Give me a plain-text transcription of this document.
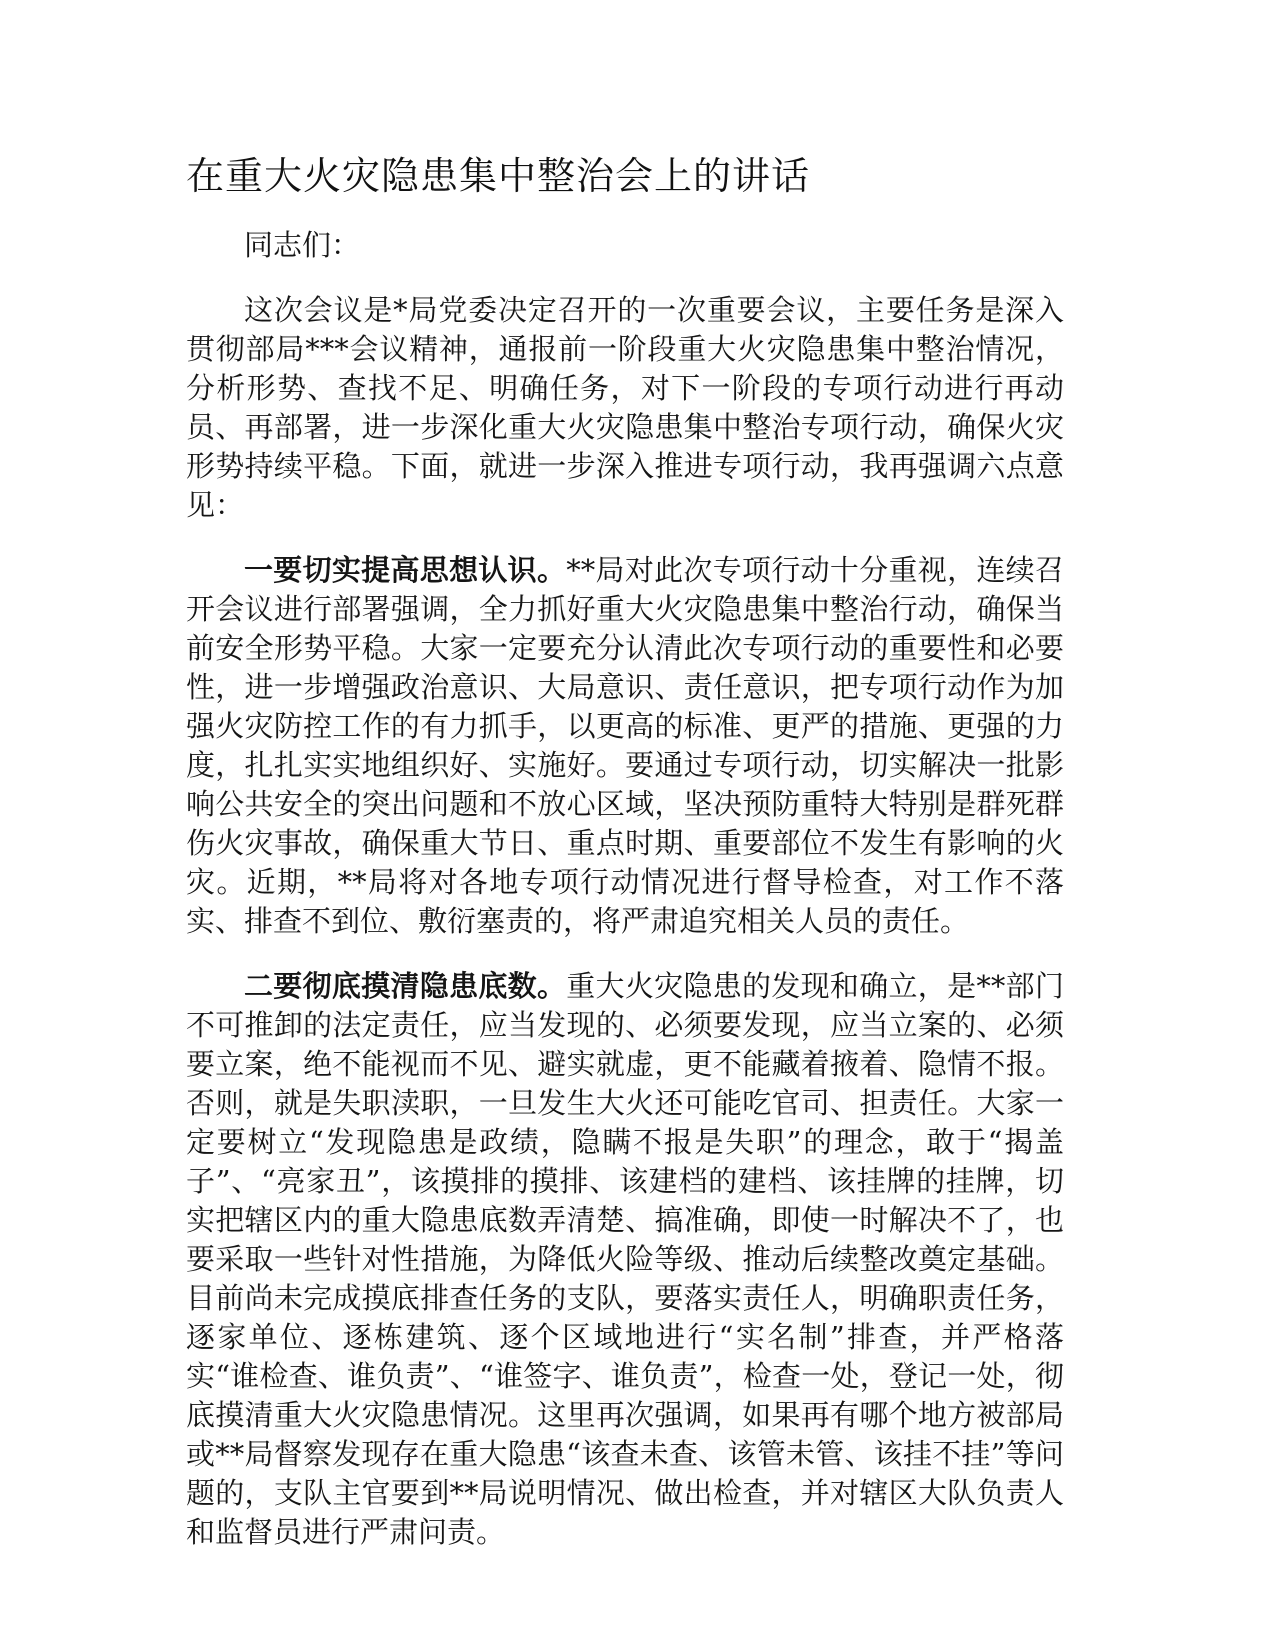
在重大火灾隐患集中整治会上的讲话

同志们：

这次会议是*局党委决定召开的一次重要会议，主要任务是深入贯彻部局***会议精神，通报前一阶段重大火灾隐患集中整治情况，分析形势、查找不足、明确任务，对下一阶段的专项行动进行再动员、再部署，进一步深化重大火灾隐患集中整治专项行动，确保火灾形势持续平稳。下面，就进一步深入推进专项行动，我再强调六点意见：

一要切实提高思想认识。**局对此次专项行动十分重视，连续召开会议进行部署强调，全力抓好重大火灾隐患集中整治行动，确保当前安全形势平稳。大家一定要充分认清此次专项行动的重要性和必要性，进一步增强政治意识、大局意识、责任意识，把专项行动作为加强火灾防控工作的有力抓手，以更高的标准、更严的措施、更强的力度，扎扎实实地组织好、实施好。要通过专项行动，切实解决一批影响公共安全的突出问题和不放心区域，坚决预防重特大特别是群死群伤火灾事故，确保重大节日、重点时期、重要部位不发生有影响的火灾。近期，**局将对各地专项行动情况进行督导检查，对工作不落实、排查不到位、敷衍塞责的，将严肃追究相关人员的责任。

二要彻底摸清隐患底数。重大火灾隐患的发现和确立，是**部门不可推卸的法定责任，应当发现的、必须要发现，应当立案的、必须要立案，绝不能视而不见、避实就虚，更不能藏着掖着、隐情不报。否则，就是失职渎职，一旦发生大火还可能吃官司、担责任。大家一定要树立“发现隐患是政绩，隐瞒不报是失职”的理念，敢于“揭盖子”、“亮家丑”，该摸排的摸排、该建档的建档、该挂牌的挂牌，切实把辖区内的重大隐患底数弄清楚、搞准确，即使一时解决不了，也要采取一些针对性措施，为降低火险等级、推动后续整改奠定基础。目前尚未完成摸底排查任务的支队，要落实责任人，明确职责任务，逐家单位、逐栋建筑、逐个区域地进行“实名制”排查，并严格落实“谁检查、谁负责”、“谁签字、谁负责”，检查一处，登记一处，彻底摸清重大火灾隐患情况。这里再次强调，如果再有哪个地方被部局或**局督察发现存在重大隐患“该查未查、该管未管、该挂不挂”等问题的，支队主官要到**局说明情况、做出检查，并对辖区大队负责人和监督员进行严肃问责。
